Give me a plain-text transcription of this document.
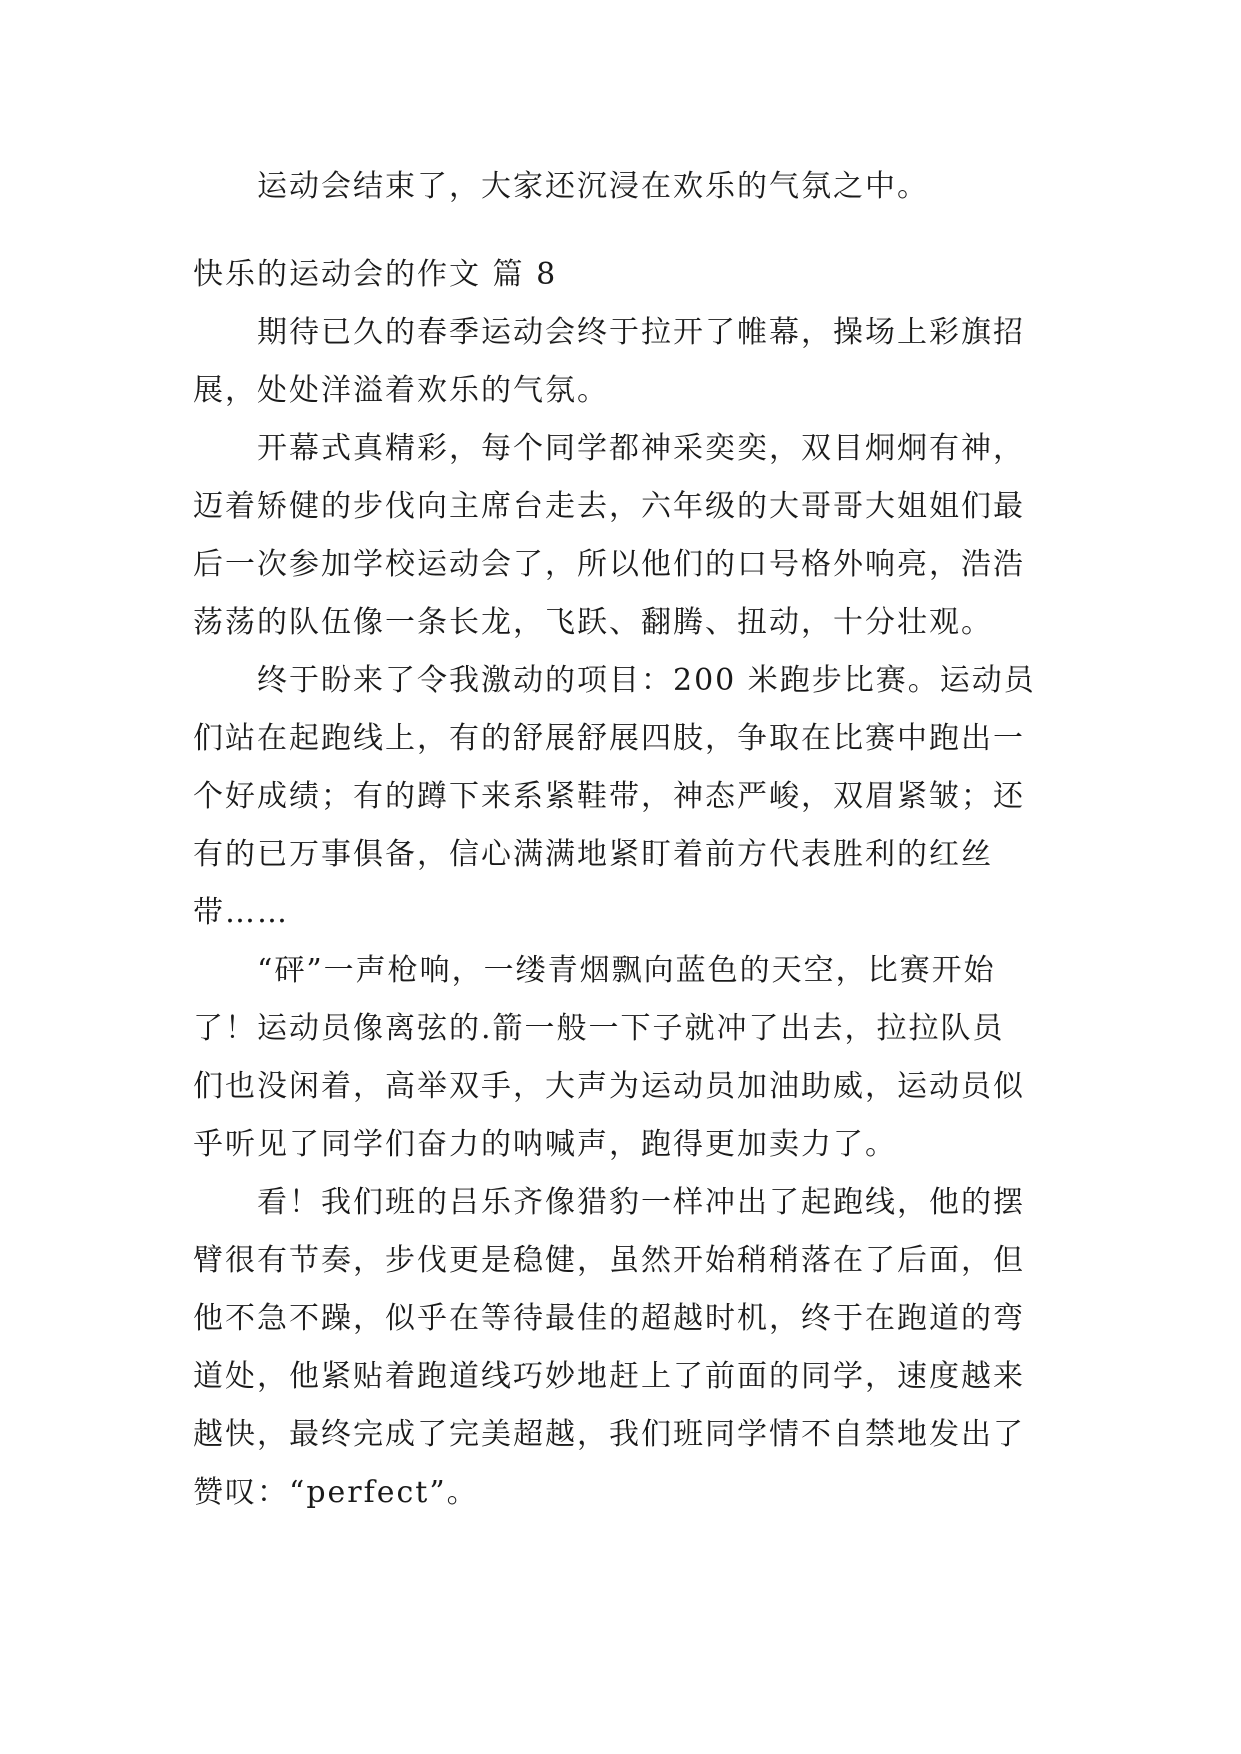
运动会结束了，大家还沉浸在欢乐的气氛之中。
快乐的运动会的作文 篇 8
期待已久的春季运动会终于拉开了帷幕，操场上彩旗招
展，处处洋溢着欢乐的气氛。
开幕式真精彩，每个同学都神采奕奕，双目炯炯有神，
迈着矫健的步伐向主席台走去，六年级的大哥哥大姐姐们最
后一次参加学校运动会了，所以他们的口号格外响亮，浩浩
荡荡的队伍像一条长龙，飞跃、翻腾、扭动，十分壮观。
终于盼来了令我激动的项目：200 米跑步比赛。运动员
们站在起跑线上，有的舒展舒展四肢，争取在比赛中跑出一
个好成绩；有的蹲下来系紧鞋带，神态严峻，双眉紧皱；还
有的已万事俱备，信心满满地紧盯着前方代表胜利的红丝
带……
“砰”一声枪响，一缕青烟飘向蓝色的天空，比赛开始
了！运动员像离弦的.箭一般一下子就冲了出去，拉拉队员
们也没闲着，高举双手，大声为运动员加油助威，运动员似
乎听见了同学们奋力的呐喊声，跑得更加卖力了。
看！我们班的吕乐齐像猎豹一样冲出了起跑线，他的摆
臂很有节奏，步伐更是稳健，虽然开始稍稍落在了后面，但
他不急不躁，似乎在等待最佳的超越时机，终于在跑道的弯
道处，他紧贴着跑道线巧妙地赶上了前面的同学，速度越来
越快，最终完成了完美超越，我们班同学情不自禁地发出了
赞叹：“perfect”。
